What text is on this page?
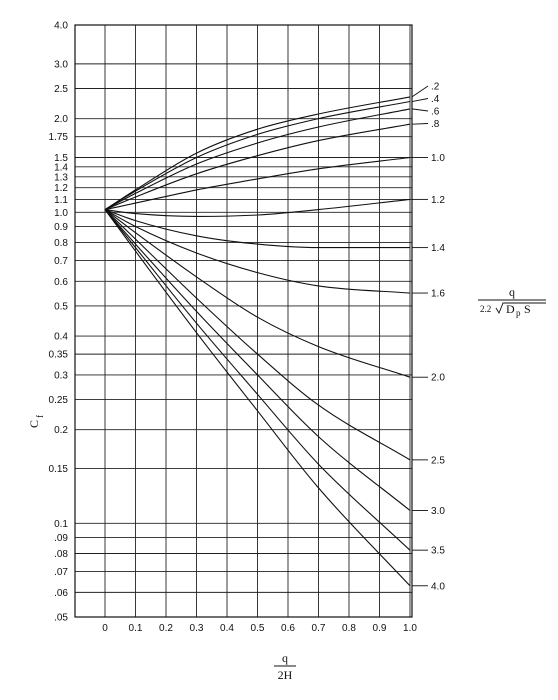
4.0
3.0
2.5
2.0
1.75
1.5
1.4
1.3
1.2
1.1
1.0
0.9
0.8
0.7
0.6
0.5
0.4
0.35
0.3
0.25
0.2
0.15
0.1
.09
.08
.07
.06
.05
0 0.1 0.2 0.3 0.4 0.5 0.6 0.7 0.8 0.9 1.0
.2
.4
.6
.8
1.0
1.2
1.4
1.6
2.0
2.5
3.0
3.5
4.0
C
f
q
2H
q
2.2 D p S
